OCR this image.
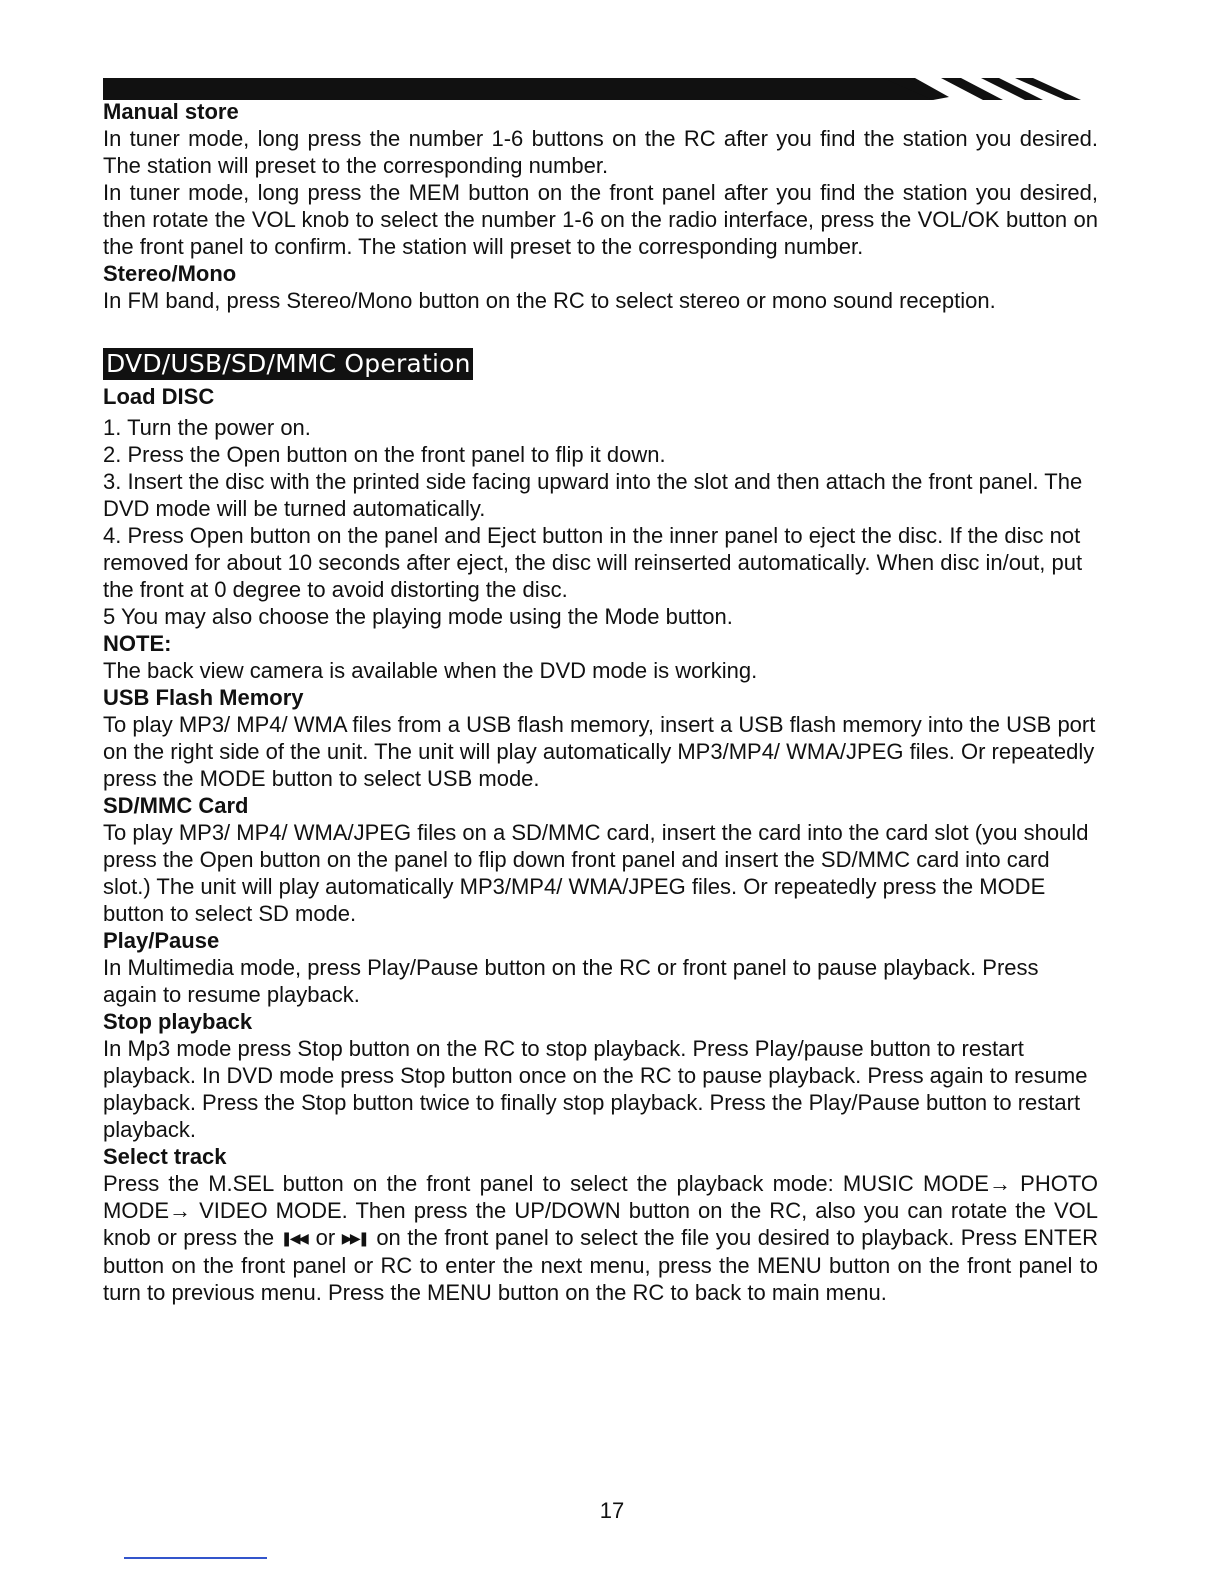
Manual store

In tuner mode, long press the number 1-6 buttons on the RC after you find the station you desired. The station will preset to the corresponding number.

In tuner mode, long press the MEM button on the front panel after you find the station you desired, then rotate the VOL knob to select the number 1-6 on the radio interface, press the VOL/OK button on the front panel to confirm. The station will preset to the corresponding number.

Stereo/Mono

In FM band, press Stereo/Mono button on the RC to select stereo or mono sound reception.

DVD/USB/SD/MMC Operation
Load DISC
1. Turn the power on.
2. Press the Open button on the front panel to flip it down.
3. Insert the disc with the printed side facing upward into the slot and then attach the front panel. The DVD mode will be turned automatically.
4. Press Open button on the panel and Eject button in the inner panel to eject the disc. If the disc not removed for about 10 seconds after eject, the disc will reinserted automatically. When disc in/out, put the front at 0 degree to avoid distorting the disc.
5 You may also choose the playing mode using the Mode button.
NOTE:

The back view camera is available when the DVD mode is working.

USB Flash Memory

To play MP3/ MP4/ WMA files from a USB flash memory, insert a USB flash memory into the USB port on the right side of the unit. The unit will play automatically MP3/MP4/ WMA/JPEG files. Or repeatedly press the MODE button to select USB mode.

SD/MMC Card

To play MP3/ MP4/ WMA/JPEG files on a SD/MMC card, insert the card into the card slot (you should press the Open button on the panel to flip down front panel and insert the SD/MMC card into card slot.) The unit will play automatically MP3/MP4/ WMA/JPEG files. Or repeatedly press the MODE button to select SD mode.

Play/Pause

In Multimedia mode, press Play/Pause button on the RC or front panel to pause playback. Press again to resume playback.

Stop playback

In Mp3 mode press Stop button on the RC to stop playback. Press Play/pause button to restart playback. In DVD mode press Stop button once on the RC to pause playback. Press again to resume playback. Press the Stop button twice to finally stop playback. Press the Play/Pause button to restart playback.

Select track

Press the M.SEL button on the front panel to select the playback mode: MUSIC MODE→ PHOTO MODE→ VIDEO MODE. Then press the UP/DOWN button on the RC, also you can rotate the VOL knob or press the ❚◀◀ or ▶▶❚ on the front panel to select the file you desired to playback. Press ENTER button on the front panel or RC to enter the next menu, press the MENU button on the front panel to turn to previous menu. Press the MENU button on the RC to back to main menu.

17
